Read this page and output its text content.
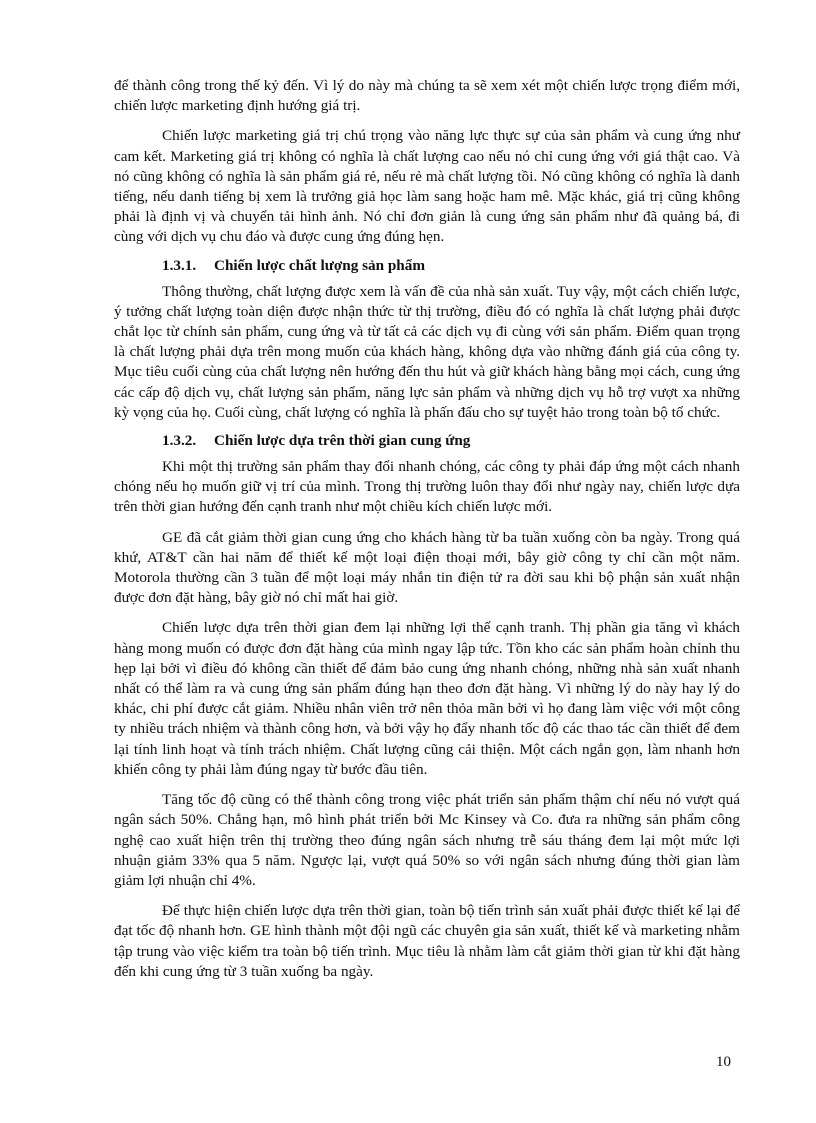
để thành công trong thế kỷ đến. Vì lý do này mà chúng ta sẽ xem xét một chiến lược trọng điểm mới, chiến lược marketing định hướng giá trị.

Chiến lược marketing giá trị chú trọng vào năng lực thực sự của sản phẩm và cung ứng như cam kết. Marketing giá trị không có nghĩa là chất lượng cao nếu nó chỉ cung ứng với giá thật cao. Và nó cũng không có nghĩa là sản phẩm giá rẻ, nếu rẻ mà chất lượng tồi. Nó cũng không có nghĩa là danh tiếng, nếu danh tiếng bị xem là trưởng giả học làm sang hoặc ham mê. Mặc khác, giá trị cũng không phải là định vị và chuyển tải hình ảnh. Nó chỉ đơn giản là cung ứng sản phẩm như đã quảng bá, đi cùng với dịch vụ chu đáo và được cung ứng đúng hẹn.

1.3.1. Chiến lược chất lượng sản phẩm

Thông thường, chất lượng được xem là vấn đề của nhà sản xuất. Tuy vậy, một cách chiến lược, ý tưởng chất lượng toàn diện được nhận thức từ thị trường, điều đó có nghĩa là chất lượng phải được chắt lọc từ chính sản phẩm, cung ứng và từ tất cả các dịch vụ đi cùng với sản phẩm. Điểm quan trọng là chất lượng phải dựa trên mong muốn của khách hàng, không dựa vào những đánh giá của công ty. Mục tiêu cuối cùng của chất lượng nên hướng đến thu hút và giữ khách hàng bằng mọi cách, cung ứng các cấp độ dịch vụ, chất lượng sản phẩm, năng lực sản phẩm và những dịch vụ hỗ trợ vượt xa những kỳ vọng của họ. Cuối cùng, chất lượng có nghĩa là phấn đấu cho sự tuyệt hảo trong toàn bộ tổ chức.

1.3.2. Chiến lược dựa trên thời gian cung ứng

Khi một thị trường sản phẩm thay đổi nhanh chóng, các công ty phải đáp ứng một cách nhanh chóng nếu họ muốn giữ vị trí của mình. Trong thị trường luôn thay đổi như ngày nay, chiến lược dựa trên thời gian hướng đến cạnh tranh như một chiều kích chiến lược mới.

GE đã cắt giảm thời gian cung ứng cho khách hàng từ ba tuần xuống còn ba ngày. Trong quá khứ, AT&T cần hai năm để thiết kế một loại điện thoại mới, bây giờ công ty chỉ cần một năm. Motorola thường cần 3 tuần để một loại máy nhắn tin điện tử ra đời sau khi bộ phận sản xuất nhận được đơn đặt hàng, bây giờ nó chỉ mất hai giờ.

Chiến lược dựa trên thời gian đem lại những lợi thế cạnh tranh. Thị phần gia tăng vì khách hàng mong muốn có được đơn đặt hàng của mình ngay lập tức. Tồn kho các sản phẩm hoàn chỉnh thu hẹp lại bởi vì điều đó không cần thiết để đảm bảo cung ứng nhanh chóng, những nhà sản xuất nhanh nhất có thể làm ra và cung ứng sản phẩm đúng hạn theo đơn đặt hàng. Vì những lý do này hay lý do khác, chi phí được cắt giảm. Nhiều nhân viên trở nên thỏa mãn bởi vì họ đang làm việc với một công ty nhiều trách nhiệm và thành công hơn, và bởi vậy họ đẩy nhanh tốc độ các thao tác cần thiết để đem lại tính linh hoạt và tính trách nhiệm. Chất lượng cũng cải thiện. Một cách ngắn gọn, làm nhanh hơn khiến công ty phải làm đúng ngay từ bước đầu tiên.

Tăng tốc độ cũng có thể thành công trong việc phát triển sản phẩm thậm chí nếu nó vượt quá ngân sách 50%. Chẳng hạn, mô hình phát triển bởi Mc Kinsey và Co. đưa ra những sản phẩm công nghệ cao xuất hiện trên thị trường theo đúng ngân sách nhưng trễ sáu tháng đem lại một mức lợi nhuận giảm 33% qua 5 năm. Ngược lại, vượt quá 50% so với ngân sách nhưng đúng thời gian làm giảm lợi nhuận chỉ 4%.

Để thực hiện chiến lược dựa trên thời gian, toàn bộ tiến trình sản xuất phải được thiết kế lại để đạt tốc độ nhanh hơn. GE hình thành một đội ngũ các chuyên gia sản xuất, thiết kế và marketing nhằm tập trung vào việc kiểm tra toàn bộ tiến trình. Mục tiêu là nhằm làm cắt giảm thời gian từ khi đặt hàng đến khi cung ứng từ 3 tuần xuống ba ngày.

10
